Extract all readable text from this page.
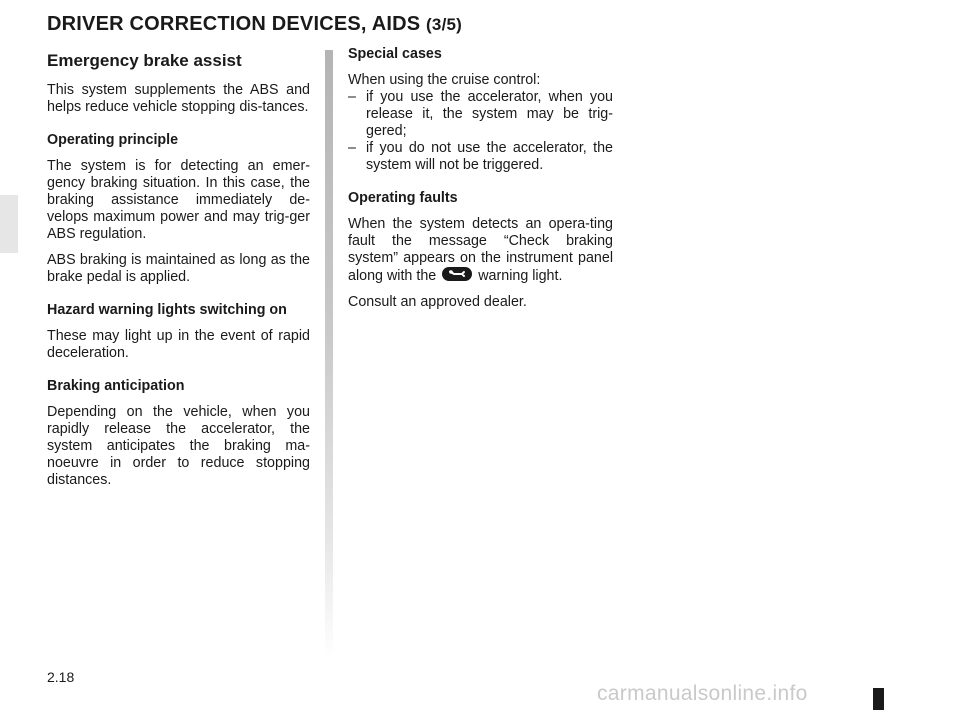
DRIVER CORRECTION DEVICES, AIDS (3/5)
Emergency brake assist

This system supplements the ABS and helps reduce vehicle stopping dis-tances.

Operating principle

The system is for detecting an emer-gency braking situation. In this case, the braking assistance immediately de-velops maximum power and may trig-ger ABS regulation.

ABS braking is maintained as long as the brake pedal is applied.

Hazard warning lights switching on

These may light up in the event of rapid deceleration.

Braking anticipation

Depending on the vehicle, when you rapidly release the accelerator, the system anticipates the braking ma-noeuvre in order to reduce stopping distances.

Special cases

When using the cruise control:

– if you use the accelerator, when you release it, the system may be trig-gered;
– if you do not use the accelerator, the system will not be triggered.

Operating faults

When the system detects an opera-ting fault the message “Check braking system” appears on the instrument panel along with the	warning light.

Consult an approved dealer.

2.18
carmanualsonline.info
